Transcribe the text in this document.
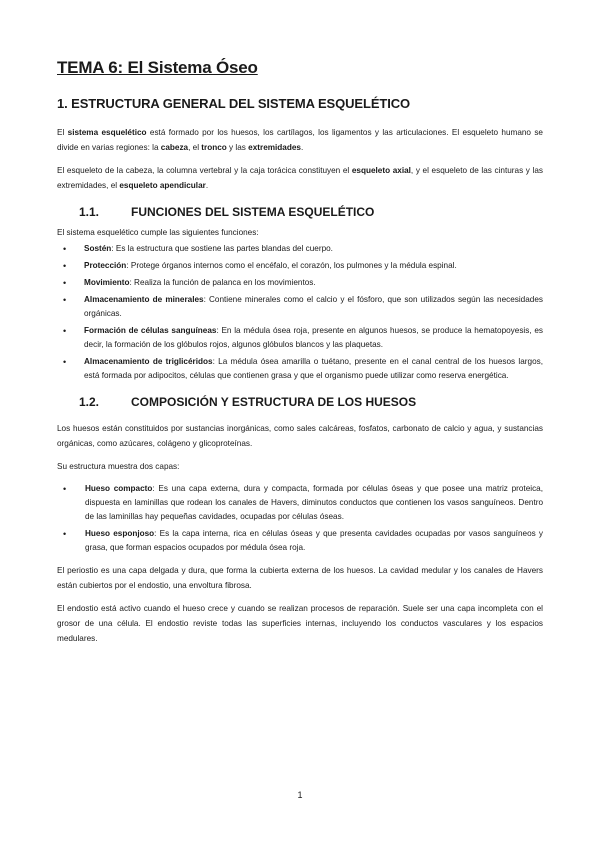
TEMA 6: El Sistema Óseo
1. ESTRUCTURA GENERAL DEL SISTEMA ESQUELÉTICO

El sistema esquelético está formado por los huesos, los cartílagos, los ligamentos y las articulaciones. El esqueleto humano se divide en varias regiones: la cabeza, el tronco y las extremidades.

El esqueleto de la cabeza, la columna vertebral y la caja torácica constituyen el esqueleto axial, y el esqueleto de las cinturas y las extremidades, el esqueleto apendicular.

1.1.	FUNCIONES DEL SISTEMA ESQUELÉTICO

El sistema esquelético cumple las siguientes funciones:

• Sostén: Es la estructura que sostiene las partes blandas del cuerpo.
• Protección: Protege órganos internos como el encéfalo, el corazón, los pulmones y la médula espinal.
• Movimiento: Realiza la función de palanca en los movimientos.
• Almacenamiento de minerales: Contiene minerales como el calcio y el fósforo, que son utilizados según las necesidades orgánicas.
• Formación de células sanguíneas: En la médula ósea roja, presente en algunos huesos, se produce la hematopoyesis, es decir, la formación de los glóbulos rojos, algunos glóbulos blancos y las plaquetas.
• Almacenamiento de triglicéridos: La médula ósea amarilla o tuétano, presente en el canal central de los huesos largos, está formada por adipocitos, células que contienen grasa y que el organismo puede utilizar como reserva energética.
1.2.	COMPOSICIÓN Y ESTRUCTURA DE LOS HUESOS

Los huesos están constituidos por sustancias inorgánicas, como sales calcáreas, fosfatos, carbonato de calcio y agua, y sustancias orgánicas, como azúcares, colágeno y glicoproteínas.

Su estructura muestra dos capas:

• Hueso compacto: Es una capa externa, dura y compacta, formada por células óseas y que posee una matriz proteica, dispuesta en laminillas que rodean los canales de Havers, diminutos conductos que contienen los vasos sanguíneos. Dentro de las laminillas hay pequeñas cavidades, ocupadas por células óseas.
• Hueso esponjoso: Es la capa interna, rica en células óseas y que presenta cavidades ocupadas por vasos sanguíneos y grasa, que forman espacios ocupados por médula ósea roja.

El periostio es una capa delgada y dura, que forma la cubierta externa de los huesos. La cavidad medular y los canales de Havers están cubiertos por el endostio, una envoltura fibrosa.

El endostio está activo cuando el hueso crece y cuando se realizan procesos de reparación. Suele ser una capa incompleta con el grosor de una célula. El endostio reviste todas las superficies internas, incluyendo los conductos vasculares y los espacios medulares.

1
